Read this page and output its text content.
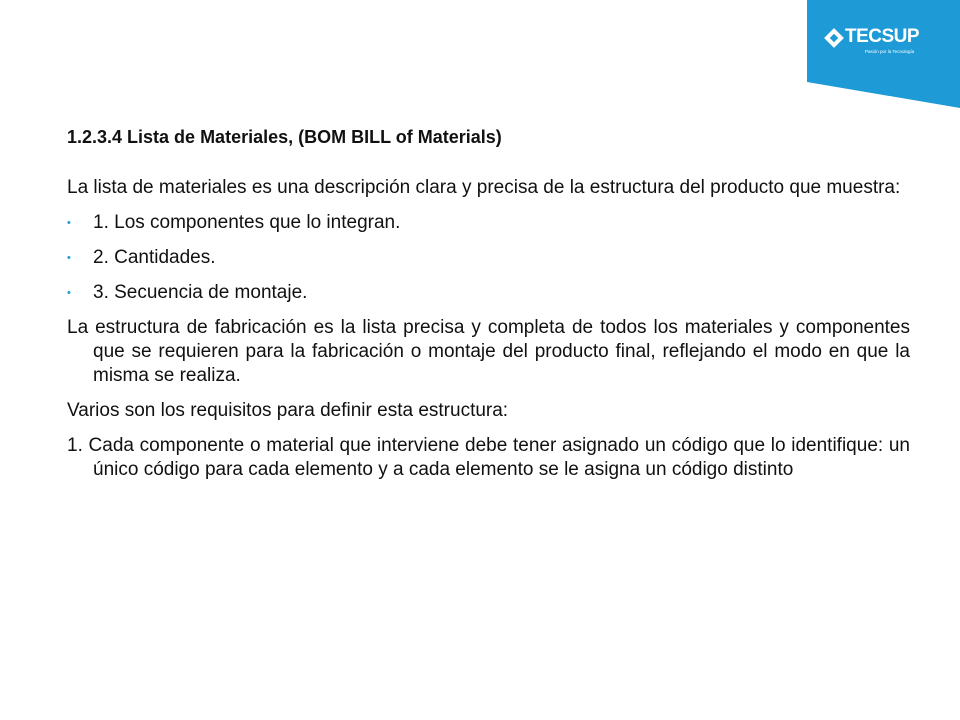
TECSUP
Pasión por la Tecnología
1.2.3.4 Lista de Materiales, (BOM BILL of Materials)
La lista de materiales es una descripción clara y precisa de la estructura del producto que muestra:
• 1. Los componentes que lo integran.
• 2. Cantidades.
• 3. Secuencia de montaje.
La estructura de fabricación es la lista precisa y completa de todos los materiales y componentes que se requieren para la fabricación o montaje del producto final, reflejando el modo en que la misma se realiza.
Varios son los requisitos para definir esta estructura:
1. Cada componente o material que interviene debe tener asignado un código que lo identifique: un único código para cada elemento y a cada elemento se le asigna un código distinto
